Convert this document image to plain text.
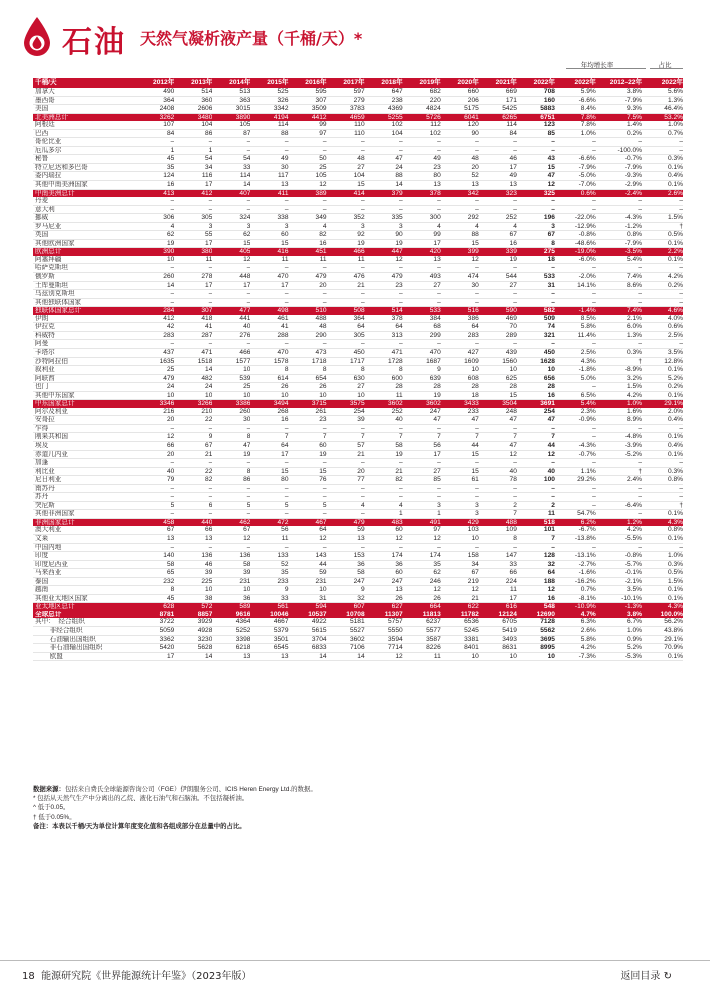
石油 天然气凝析液产量（千桶/天）*
年均增长率	占比
千桶/天	2012年	2013年	2014年	2015年	2016年	2017年	2018年	2019年	2020年	2021年	2022年	2022年	2012–22年	2022年
加拿大	490	514	513	525	595	597	647	682	660	669	708	5.9%	3.8%	5.6%
墨西哥	364	360	363	326	307	279	238	220	206	171	160	-6.6%	-7.9%	1.3%
美国	2408	2606	3015	3342	3509	3783	4369	4824	5175	5425	5883	8.4%	9.3%	46.4%
北美洲总计	3262	3480	3890	4194	4412	4659	5255	5726	6041	6265	6751	7.8%	7.5%	53.2%
阿根廷	107	104	105	114	99	110	102	112	120	114	123	7.8%	1.4%	1.0%
巴西	84	86	87	88	97	110	104	102	90	84	85	1.0%	0.2%	0.7%
哥伦比亚	–	–	–	–	–	–	–	–	–	–	–	–	–	–
厄瓜多尔	1	1	–	–	–	–	–	–	–	–	–	–	-100.0%	–
秘鲁	45	54	54	49	50	48	47	49	48	46	43	-6.6%	-0.7%	0.3%
特立尼达和多巴哥	35	34	33	30	25	27	24	23	20	17	15	-7.9%	-7.9%	0.1%
委内瑞拉	124	116	114	117	105	104	88	80	52	49	47	-5.0%	-9.3%	0.4%
其他中南美洲国家	16	17	14	13	12	15	14	13	13	13	12	-7.0%	-2.9%	0.1%
中南美洲总计	413	412	407	411	389	414	379	378	342	323	325	0.6%	-2.4%	2.6%
丹麦	–	–	–	–	–	–	–	–	–	–	–	–	–	–
意大利	–	–	–	–	–	–	–	–	–	–	–	–	–	–
挪威	306	305	324	338	349	352	335	300	292	252	196	-22.0%	-4.3%	1.5%
罗马尼亚	4	3	3	3	4	3	3	4	4	4	3	-12.9%	-1.2%	†
英国	62	55	62	60	82	92	90	99	88	67	67	-0.8%	0.8%	0.5%
其他欧洲国家	19	17	15	15	16	19	19	17	15	16	8	-48.6%	-7.9%	0.1%
欧洲总计	390	380	405	416	451	466	447	420	399	339	275	-19.0%	-3.5%	2.2%
阿塞拜疆	10	11	12	11	11	11	12	13	12	19	18	-6.0%	5.4%	0.1%
哈萨克斯坦	–	–	–	–	–	–	–	–	–	–	–	–	–	–
俄罗斯	260	278	448	470	479	476	479	493	474	544	533	-2.0%	7.4%	4.2%
土库曼斯坦	14	17	17	17	20	21	23	27	30	27	31	14.1%	8.6%	0.2%
乌兹别克斯坦	–	–	–	–	–	–	–	–	–	–	–	–	–	–
其他独联体国家	–	–	–	–	–	–	–	–	–	–	–	–	–	–
独联体国家总计	284	307	477	498	510	508	514	533	516	590	582	-1.4%	7.4%	4.6%
伊朗	412	418	441	461	488	364	378	384	386	469	509	8.5%	2.1%	4.0%
伊拉克	42	41	40	41	48	64	64	68	64	70	74	5.8%	6.0%	0.6%
科威特	283	287	276	288	290	305	313	299	283	289	321	11.4%	1.3%	2.5%
阿曼	–	–	–	–	–	–	–	–	–	–	–	–	–	–
卡塔尔	437	471	466	470	473	450	471	470	427	439	450	2.5%	0.3%	3.5%
沙特阿拉伯	1635	1518	1577	1578	1718	1717	1728	1687	1609	1560	1628	4.3%	†	12.8%
叙利亚	25	14	10	8	8	8	8	9	10	10	10	-1.8%	-8.9%	0.1%
阿联酋	479	482	539	614	654	630	600	639	608	625	656	5.0%	3.2%	5.2%
也门	24	24	25	26	26	27	28	28	28	28	28	–	1.5%	0.2%
其他中东国家	10	10	10	10	10	10	11	19	18	15	16	6.5%	4.2%	0.1%
中东国家总计	3346	3266	3386	3494	3715	3575	3602	3602	3433	3504	3691	5.4%	1.0%	29.1%
阿尔及利亚	216	210	260	268	261	254	252	247	233	248	254	2.3%	1.6%	2.0%
安哥拉	20	22	30	16	23	39	40	47	47	47	47	-0.9%	8.9%	0.4%
乍得	–	–	–	–	–	–	–	–	–	–	–	–	–	–
刚果共和国	12	9	8	7	7	7	7	7	7	7	7	–	-4.8%	0.1%
埃及	66	67	47	64	60	57	58	56	44	47	44	-4.3%	-3.9%	0.4%
赤道几内亚	20	21	19	17	19	21	19	17	15	12	12	-0.7%	-5.2%	0.1%
加蓬	–	–	–	–	–	–	–	–	–	–	–	–	–	–
利比亚	40	22	8	15	15	20	21	27	15	40	40	1.1%	†	0.3%
尼日利亚	79	82	86	80	76	77	82	85	61	78	100	29.2%	2.4%	0.8%
南苏丹	–	–	–	–	–	–	–	–	–	–	–	–	–	–
苏丹	–	–	–	–	–	–	–	–	–	–	–	–	–	–
突尼斯	5	6	5	5	5	4	4	3	3	2	2	–	-6.4%	†
其他非洲国家	–	–	–	–	–	–	1	1	3	7	11	54.7%	–	0.1%
非洲国家总计	458	440	462	472	467	479	483	491	429	488	518	6.2%	1.2%	4.3%
澳大利亚	67	66	67	56	64	59	60	97	103	109	101	-6.7%	4.2%	0.8%
文莱	13	13	12	11	12	13	12	12	10	8	7	-13.8%	-5.5%	0.1%
中国内地	–	–	–	–	–	–	–	–	–	–	–	–	–	–
印度	140	136	136	133	143	153	174	174	158	147	128	-13.1%	-0.8%	1.0%
印度尼西亚	58	46	58	52	44	36	36	35	34	33	32	-2.7%	-5.7%	0.3%
马来西亚	65	39	39	35	59	58	60	62	67	66	64	-1.6%	-0.1%	0.5%
泰国	232	225	231	233	231	247	247	246	219	224	188	-16.2%	-2.1%	1.5%
越南	8	10	10	9	10	9	13	12	12	11	12	0.7%	3.5%	0.1%
其他亚太地区国家	45	38	36	33	31	32	26	26	21	17	16	-8.1%	-10.1%	0.1%
亚太地区总计	628	572	589	561	594	607	627	664	622	616	548	-10.9%	-1.3%	4.3%
全球总计	8781	8857	9616	10046	10537	10708	11307	11813	11782	12124	12690	4.7%	3.8%	100.0%
其中：  经合组织	3722	3929	4364	4667	4922	5181	5757	6237	6536	6705	7128	6.3%	6.7%	56.2%
非经合组织	5059	4928	5252	5379	5615	5527	5550	5577	5245	5419	5562	2.6%	1.0%	43.8%
石油输出国组织	3362	3230	3398	3501	3704	3602	3594	3587	3381	3493	3695	5.8%	0.9%	29.1%
非石油输出国组织	5420	5628	6218	6545	6833	7106	7714	8226	8401	8631	8995	4.2%	5.2%	70.9%
欧盟	17	14	13	13	14	14	12	11	10	10	10	-7.3%	-5.3%	0.1%
数据来源：包括来自费氏全球能源咨询公司（FGE）伊朗服务公司、ICIS Heren Energy Ltd.的数据。
* 包括从天然气生产中分离出的乙烷、液化石油气和石脑油。不包括凝析油。
^ 低于0.05。
† 低于0.05%。
备注：本表以千桶/天为单位计算年度变化值和各组成部分在总量中的占比。
18 能源研究院《世界能源统计年鉴》（2023年版）	返回目录 ↻
